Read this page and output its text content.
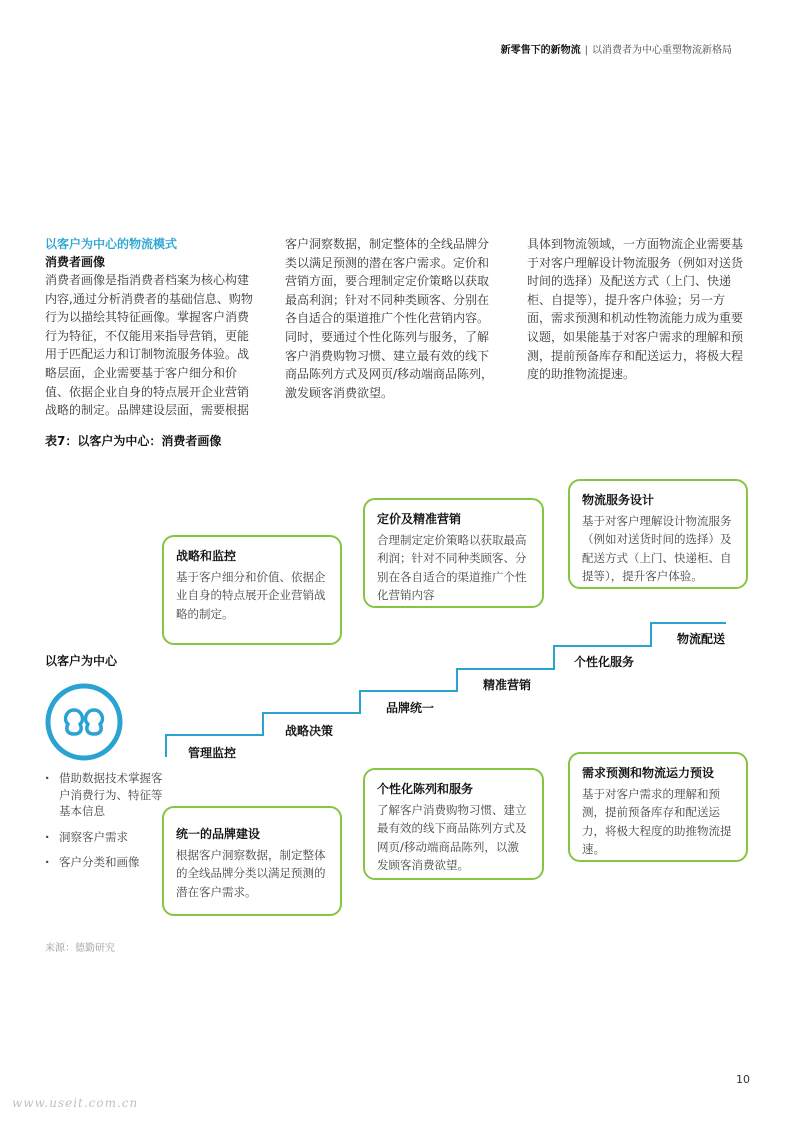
新零售下的新物流 | 以消费者为中心重塑物流新格局
以客户为中心的物流模式
消费者画像

消费者画像是指消费者档案为核心构建内容,通过分析消费者的基础信息、购物行为以描绘其特征画像。掌握客户消费行为特征，不仅能用来指导营销，更能用于匹配运力和订制物流服务体验。战略层面，企业需要基于客户细分和价值、依据企业自身的特点展开企业营销战略的制定。品牌建设层面，需要根据

客户洞察数据，制定整体的全线品牌分类以满足预测的潜在客户需求。定价和营销方面，要合理制定定价策略以获取最高利润；针对不同种类顾客、分别在各自适合的渠道推广个性化营销内容。同时，要通过个性化陈列与服务，了解客户消费购物习惯、建立最有效的线下商品陈列方式及网页/移动端商品陈列，激发顾客消费欲望。

具体到物流领域，一方面物流企业需要基于对客户理解设计物流服务（例如对送货时间的选择）及配送方式（上门、快递柜、自提等），提升客户体验；另一方面，需求预测和机动性物流能力成为重要议题，如果能基于对客户需求的理解和预测，提前预备库存和配送运力，将极大程度的助推物流提速。

表7：以客户为中心：消费者画像
管理监控
战略决策
品牌统一
精准营销
个性化服务
物流配送
战略和监控
基于客户细分和价值、依据企业自身的特点展开企业营销战略的制定。
定价及精准营销
合理制定定价策略以获取最高利润；针对不同种类顾客、分别在各自适合的渠道推广个性化营销内容
物流服务设计
基于对客户理解设计物流服务（例如对送货时间的选择）及配送方式（上门、快递柜、自提等），提升客户体验。
统一的品牌建设
根据客户洞察数据，制定整体的全线品牌分类以满足预测的潜在客户需求。
个性化陈列和服务
了解客户消费购物习惯、建立最有效的线下商品陈列方式及网页/移动端商品陈列，以激发顾客消费欲望。
需求预测和物流运力预设
基于对客户需求的理解和预测，提前预备库存和配送运力，将极大程度的助推物流提速。
以客户为中心
· 借助数据技术掌握客户消费行为、特征等基本信息
· 洞察客户需求
· 客户分类和画像
来源：德勤研究
10
www.useit.com.cn
